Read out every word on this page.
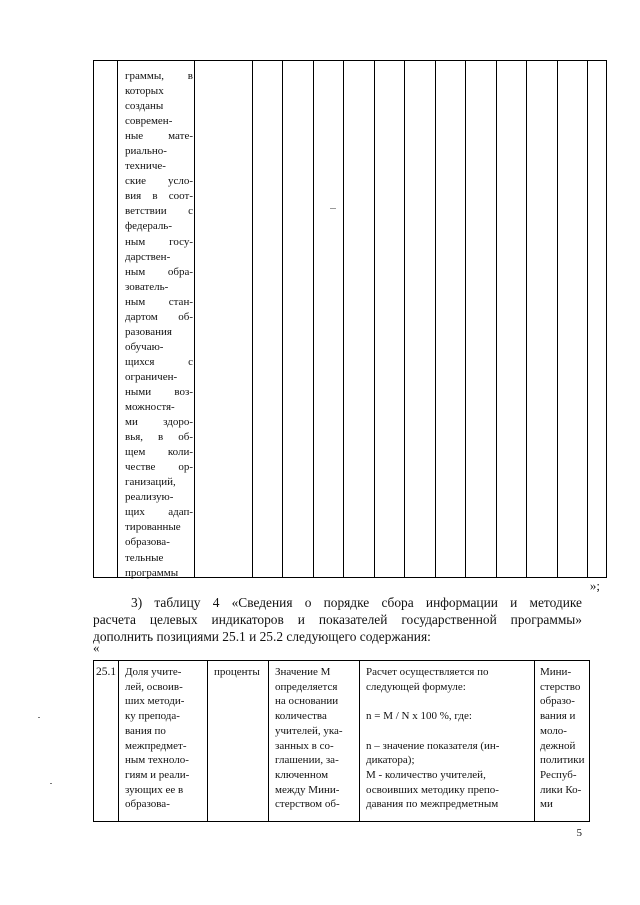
граммы,     в
которых
созданы
современ-
ные    мате-
риально-
техниче-
ские    усло-
вия  в  соот-
ветствии    с
федераль-
ным     госу-
дарствен-
ным    обра-
зователь-
ным     стан-
дартом   об-
разования
обучаю-
щихся        с
ограничен-
ными    воз-
можностя-
ми    здоро-
вья,  в  об-
щем     коли-
честве    ор-
ганизаций,
реализую-
щих    адап-
тированные
образова-
тельные
программы
»;
3) таблицу 4 «Сведения о порядке сбора информации и методике
расчета целевых индикаторов и показателей государственной программы»
дополнить позициями 25.1 и 25.2 следующего содержания:
«
25.1 Доля учите-
лей, освоив-
ших методи-
ку препода-
вания по
межпредмет-
ным техноло-
гиям и реали-
зующих ее в
образова-
проценты Значение М
определяется
на основании
количества
учителей, ука-
занных в со-
глашении, за-
ключенном
между Мини-
стерством об-
Расчет осуществляется по
следующей формуле:

n = M / N x 100 %, где:

n – значение показателя (ин-
дикатора);
M - количество учителей,
освоивших методику препо-
давания по межпредметным
Мини-
стерство
образо-
вания и
моло-
дежной
политики
Респуб-
лики Ко-
ми
5
